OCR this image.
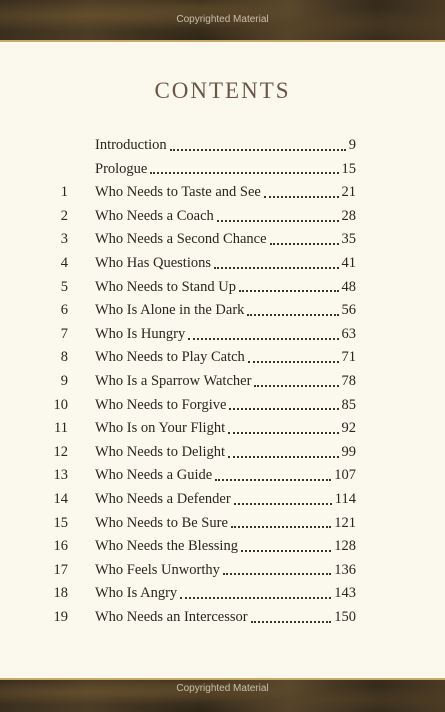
Copyrighted Material
CONTENTS
Introduction	9
Prologue	15
1 Who Needs to Taste and See	21
2 Who Needs a Coach	28
3 Who Needs a Second Chance	35
4 Who Has Questions	41
5 Who Needs to Stand Up	48
6 Who Is Alone in the Dark	56
7 Who Is Hungry	63
8 Who Needs to Play Catch	71
9 Who Is a Sparrow Watcher	78
10 Who Needs to Forgive	85
11 Who Is on Your Flight	92
12 Who Needs to Delight	99
13 Who Needs a Guide	107
14 Who Needs a Defender	114
15 Who Needs to Be Sure	121
16 Who Needs the Blessing	128
17 Who Feels Unworthy	136
18 Who Is Angry	143
19 Who Needs an Intercessor	150
Copyrighted Material
